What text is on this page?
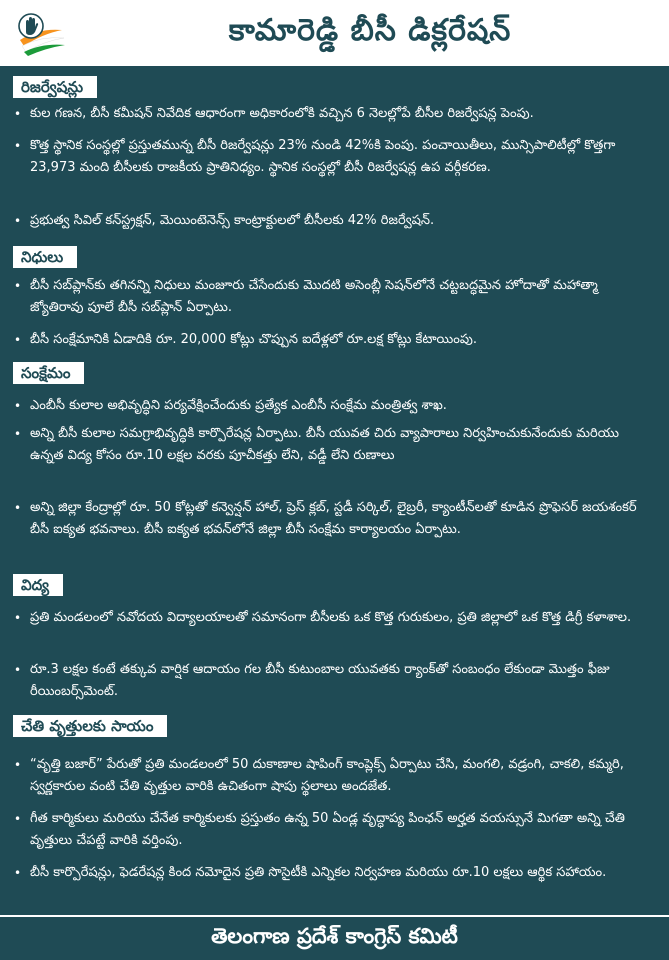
కామారెడ్డి బీసీ డిక్లరేషన్
రిజర్వేషన్లు
• కుల గణన, బీసీ కమీషన్ నివేదిక ఆధారంగా అధికారంలోకి వచ్చిన 6 నెలల్లోపే బీసీల రిజర్వేషన్ల పెంపు.
• కొత్త స్థానిక సంస్థల్లో ప్రస్తుతమున్న బీసీ రిజర్వేషన్లు 23% నుండి 42%కి పెంపు. పంచాయితీలు, మున్సిపాలిటీల్లో కొత్తగా 23,973 మంది బీసీలకు రాజకీయ ప్రాతినిధ్యం. స్థానిక సంస్థల్లో బీసీ రిజర్వేషన్ల ఉప వర్గీకరణ.
• ప్రభుత్వ సివిల్ కన్‌స్ట్రక్షన్, మెయింటెనెన్స్ కాంట్రాక్టులలో బీసీలకు 42% రిజర్వేషన్.
నిధులు
• బీసీ సబ్‌ప్లాన్‌కు తగినన్ని నిధులు మంజూరు చేసేందుకు మొదటి అసెంబ్లీ సెషన్‌లోనే చట్టబద్ధమైన హోదాతో మహాత్మా జ్యోతిరావు పూలే బీసీ సబ్‌ప్లాన్ ఏర్పాటు.
• బీసీ సంక్షేమానికి ఏడాదికి రూ. 20,000 కోట్లు చొప్పున ఐదేళ్లలో రూ.లక్ష కోట్లు కేటాయింపు.
సంక్షేమం
• ఎంబీసీ కులాల అభివృద్ధిని పర్యవేక్షించేందుకు ప్రత్యేక ఎంబీసీ సంక్షేమ మంత్రిత్వ శాఖ.
• అన్ని బీసీ కులాల సమగ్రాభివృద్ధికి కార్పొరేషన్ల ఏర్పాటు. బీసీ యువత చిరు వ్యాపారాలు నిర్వహించుకునేందుకు మరియు ఉన్నత విద్య కోసం రూ.10 లక్షల వరకు పూచీకత్తు లేని, వడ్డీ లేని రుణాలు
• అన్ని జిల్లా కేంద్రాల్లో రూ. 50 కోట్లతో కన్వెన్షన్ హాల్, ప్రెస్ క్లబ్, స్టడీ సర్కిల్, లైబ్రరీ, క్యాంటీన్‌లతో కూడిన ప్రొఫెసర్ జయశంకర్ బీసీ ఐక్యత భవనాలు. బీసీ ఐక్యత భవన్‌లోనే జిల్లా బీసీ సంక్షేమ కార్యాలయం ఏర్పాటు.
విద్య
• ప్రతి మండలంలో నవోదయ విద్యాలయాలతో సమానంగా బీసీలకు ఒక కొత్త గురుకులం, ప్రతి జిల్లాలో ఒక కొత్త డిగ్రీ కళాశాల.
• రూ.3 లక్షల కంటే తక్కువ వార్షిక ఆదాయం గల బీసీ కుటుంబాల యువతకు ర్యాంక్‌తో సంబంధం లేకుండా మొత్తం ఫీజు రీయింబర్స్‌మెంట్.
చేతి వృత్తులకు సాయం
• “వృత్తి బజార్” పేరుతో ప్రతి మండలంలో 50 దుకాణాల షాపింగ్ కాంప్లెక్స్ ఏర్పాటు చేసి, మంగలి, వడ్రంగి, చాకలి, కమ్మరి, స్వర్ణకారుల వంటి చేతి వృత్తుల వారికి ఉచితంగా షాపు స్థలాలు అందజేత.
• గీత కార్మికులు మరియు చేనేత కార్మికులకు ప్రస్తుతం ఉన్న 50 ఏండ్ల వృద్ధాప్య పింఛన్ అర్హత వయస్సునే మిగతా అన్ని చేతి వృత్తులు చేపట్టే వారికి వర్తింపు.
• బీసీ కార్పొరేషన్లు, ఫెడరేషన్ల కింద నమోదైన ప్రతి సొసైటీకి ఎన్నికల నిర్వహణ మరియు రూ.10 లక్షలు ఆర్థిక సహాయం.
తెలంగాణ ప్రదేశ్ కాంగ్రెస్ కమిటీ
